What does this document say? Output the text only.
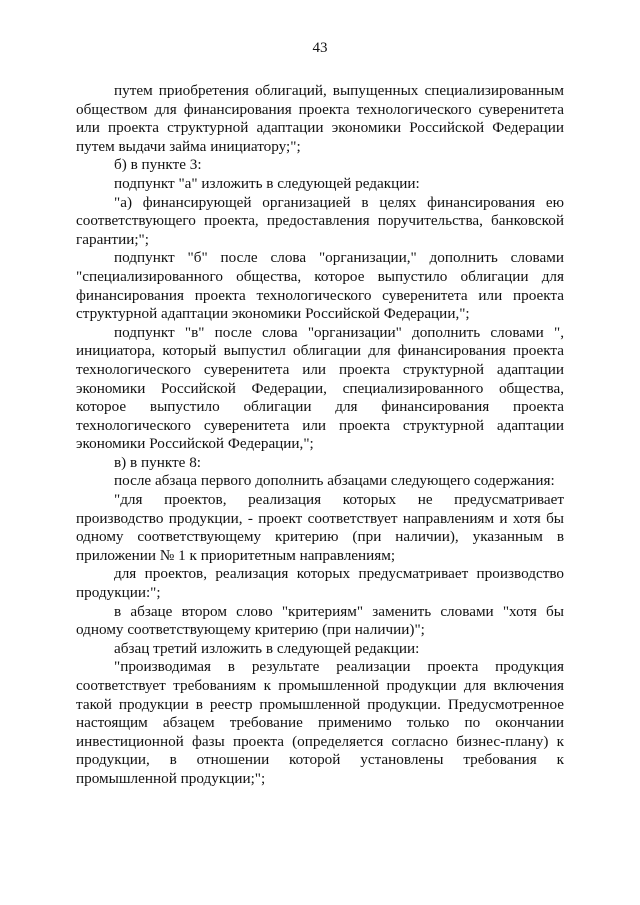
43

путем приобретения облигаций, выпущенных специализированным обществом для финансирования проекта технологического суверенитета или проекта структурной адаптации экономики Российской Федерации путем выдачи займа инициатору;";

б) в пункте 3:

подпункт "а" изложить в следующей редакции:

"а) финансирующей организацией в целях финансирования ею соответствующего проекта, предоставления поручительства, банковской гарантии;";

подпункт "б" после слова "организации," дополнить словами "специализированного общества, которое выпустило облигации для финансирования проекта технологического суверенитета или проекта структурной адаптации экономики Российской Федерации,";

подпункт "в" после слова "организации" дополнить словами ", инициатора, который выпустил облигации для финансирования проекта технологического суверенитета или проекта структурной адаптации экономики Российской Федерации, специализированного общества, которое выпустило облигации для финансирования проекта технологического суверенитета или проекта структурной адаптации экономики Российской Федерации,";

в) в пункте 8:

после абзаца первого дополнить абзацами следующего содержания:

"для проектов, реализация которых не предусматривает производство продукции, - проект соответствует направлениям и хотя бы одному соответствующему критерию (при наличии), указанным в приложении № 1 к приоритетным направлениям;

для проектов, реализация которых предусматривает производство продукции:";

в абзаце втором слово "критериям" заменить словами "хотя бы одному соответствующему критерию (при наличии)";

абзац третий изложить в следующей редакции:

"производимая в результате реализации проекта продукция соответствует требованиям к промышленной продукции для включения такой продукции в реестр промышленной продукции. Предусмотренное настоящим абзацем требование применимо только по окончании инвестиционной фазы проекта (определяется согласно бизнес-плану) к продукции, в отношении которой установлены требования к промышленной продукции;";
